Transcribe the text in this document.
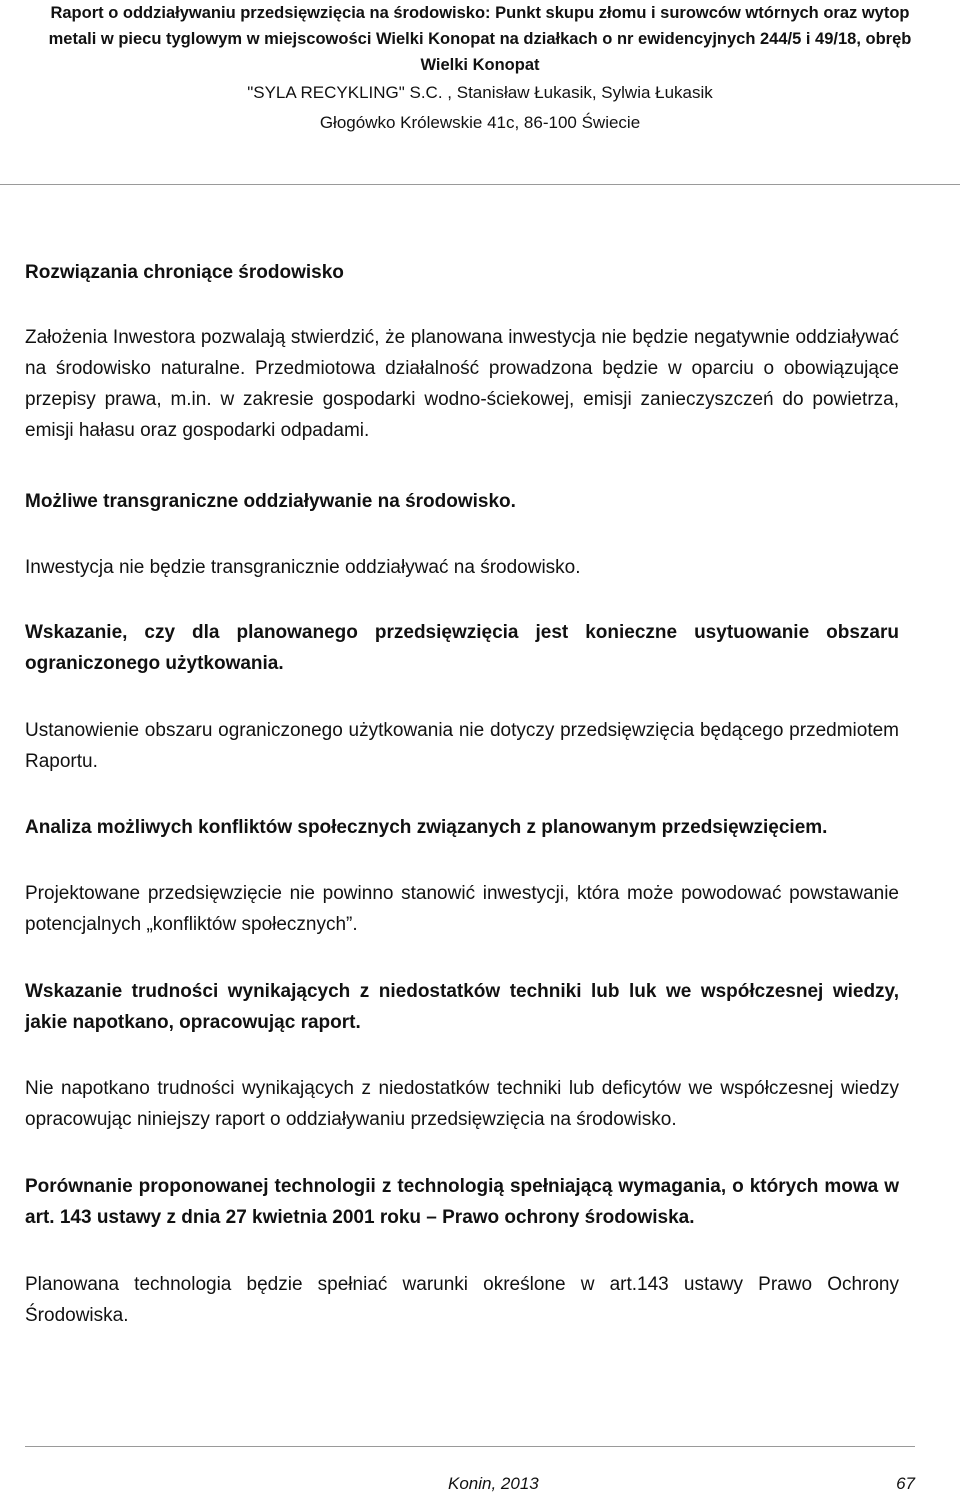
Raport o oddziaływaniu przedsięwzięcia na środowisko: Punkt skupu złomu i surowców wtórnych oraz wytop

metali w piecu tyglowym w miejscowości Wielki Konopat na działkach o nr ewidencyjnych 244/5 i 49/18, obręb

Wielki Konopat

"SYLA RECYKLING" S.C. , Stanisław Łukasik, Sylwia Łukasik

Głogówko Królewskie 41c, 86-100 Świecie

Rozwiązania chroniące środowisko

Założenia Inwestora pozwalają stwierdzić, że planowana inwestycja nie będzie negatywnie oddziaływać na środowisko naturalne. Przedmiotowa działalność prowadzona będzie w oparciu o obowiązujące przepisy prawa, m.in. w zakresie gospodarki wodno-ściekowej, emisji zanieczyszczeń do powietrza, emisji hałasu oraz gospodarki odpadami.

Możliwe transgraniczne oddziaływanie na środowisko.

Inwestycja nie będzie transgranicznie oddziaływać na środowisko.

Wskazanie, czy dla planowanego przedsięwzięcia jest konieczne usytuowanie obszaru ograniczonego użytkowania.

Ustanowienie obszaru ograniczonego użytkowania nie dotyczy przedsięwzięcia będącego przedmiotem Raportu.

Analiza możliwych konfliktów społecznych związanych z planowanym przedsięwzięciem.

Projektowane przedsięwzięcie nie powinno stanowić inwestycji, która może powodować powstawanie potencjalnych „konfliktów społecznych”.

Wskazanie trudności wynikających z niedostatków techniki lub luk we współczesnej wiedzy, jakie napotkano, opracowując raport.

Nie napotkano trudności wynikających z niedostatków techniki lub deficytów we współczesnej wiedzy opracowując niniejszy raport o oddziaływaniu przedsięwzięcia na środowisko.

Porównanie proponowanej technologii z technologią spełniającą wymagania, o których mowa w art. 143 ustawy z dnia 27 kwietnia 2001 roku – Prawo ochrony środowiska.

Planowana technologia będzie spełniać warunki określone w art.143 ustawy Prawo Ochrony Środowiska.

Konin, 2013	67
